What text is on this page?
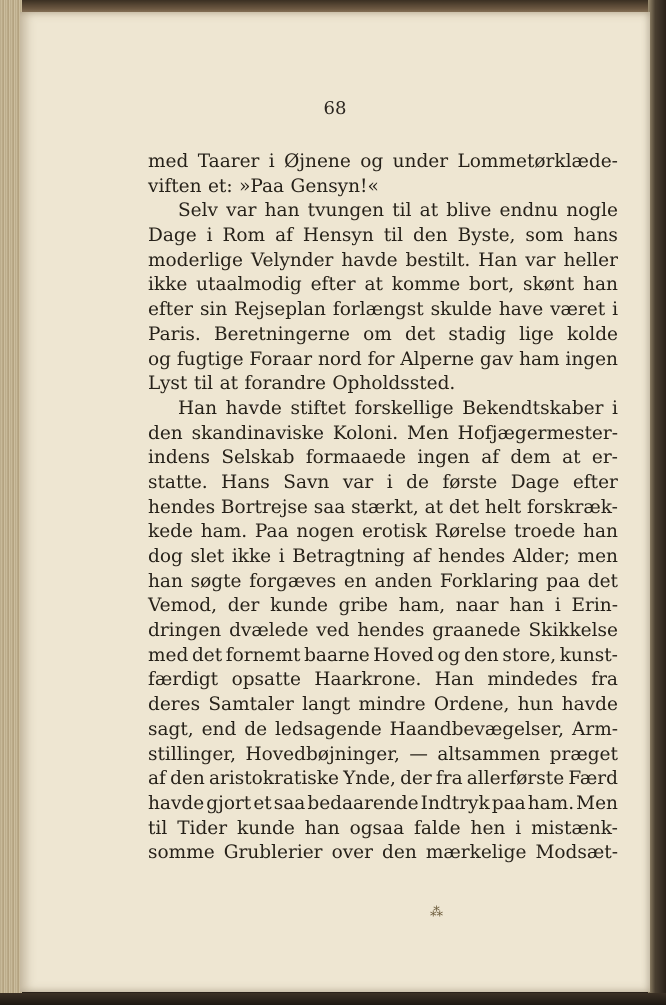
68
med Taarer i Øjnene og under Lommetørklæde-
viften et: »Paa Gensyn!«
Selv var han tvungen til at blive endnu nogle
Dage i Rom af Hensyn til den Byste, som hans
moderlige Velynder havde bestilt. Han var heller
ikke utaalmodig efter at komme bort, skønt han
efter sin Rejseplan forlængst skulde have været i
Paris. Beretningerne om det stadig lige kolde
og fugtige Foraar nord for Alperne gav ham ingen
Lyst til at forandre Opholdssted.
Han havde stiftet forskellige Bekendtskaber i
den skandinaviske Koloni. Men Hofjægermester-
indens Selskab formaaede ingen af dem at er-
statte. Hans Savn var i de første Dage efter
hendes Bortrejse saa stærkt, at det helt forskræk-
kede ham. Paa nogen erotisk Rørelse troede han
dog slet ikke i Betragtning af hendes Alder; men
han søgte forgæves en anden Forklaring paa det
Vemod, der kunde gribe ham, naar han i Erin-
dringen dvælede ved hendes graanede Skikkelse
med det fornemt baarne Hoved og den store, kunst-
færdigt opsatte Haarkrone. Han mindedes fra
deres Samtaler langt mindre Ordene, hun havde
sagt, end de ledsagende Haandbevægelser, Arm-
stillinger, Hovedbøjninger, — altsammen præget
af den aristokratiske Ynde, der fra allerførste Færd
havde gjort et saa bedaarende Indtryk paa ham. Men
til Tider kunde han ogsaa falde hen i mistænk-
somme Grublerier over den mærkelige Modsæt-
⁂
